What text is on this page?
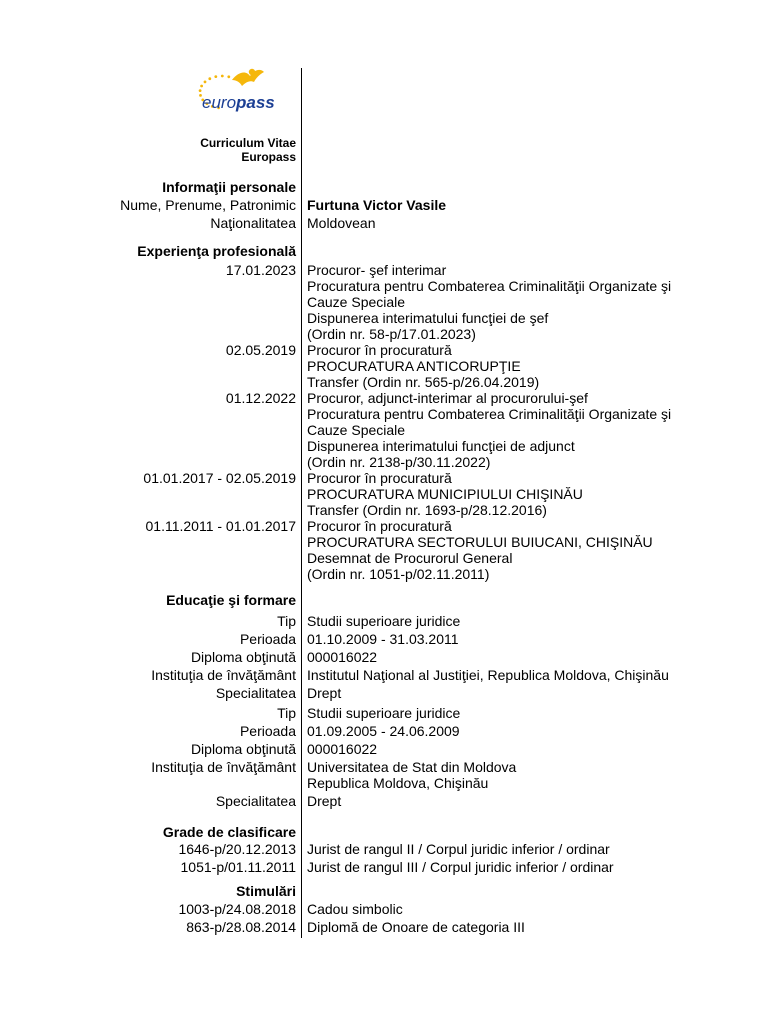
euro pass
Curriculum Vitae
Europass
Informaţii personale
Nume, Prenume, Patronimic Furtuna Victor Vasile
Naţionalitatea Moldovean
Experienţa profesională
17.01.2023 Procuror- şef interimar
Procuratura pentru Combaterea Criminalităţii Organizate şi
Cauze Speciale
Dispunerea interimatului funcţiei de şef
(Ordin nr. 58-p/17.01.2023)
02.05.2019 Procuror în procuratură
PROCURATURA ANTICORUPŢIE
Transfer (Ordin nr. 565-p/26.04.2019)
01.12.2022 Procuror, adjunct-interimar al procurorului-şef
Procuratura pentru Combaterea Criminalităţii Organizate şi
Cauze Speciale
Dispunerea interimatului funcţiei de adjunct
(Ordin nr. 2138-p/30.11.2022)
01.01.2017 - 02.05.2019 Procuror în procuratură
PROCURATURA MUNICIPIULUI CHIŞINĂU
Transfer (Ordin nr. 1693-p/28.12.2016)
01.11.2011 - 01.01.2017 Procuror în procuratură
PROCURATURA SECTORULUI BUIUCANI, CHIŞINĂU
Desemnat de Procurorul General
(Ordin nr. 1051-p/02.11.2011)
Educaţie şi formare
Tip Studii superioare juridice
Perioada 01.10.2009 - 31.03.2011
Diploma obţinută 000016022
Instituţia de învăţământ Institutul Naţional al Justiţiei, Republica Moldova, Chişinău
Specialitatea Drept
Tip Studii superioare juridice
Perioada 01.09.2005 - 24.06.2009
Diploma obţinută 000016022
Instituţia de învăţământ Universitatea de Stat din Moldova
Republica Moldova, Chişinău
Specialitatea Drept
Grade de clasificare
1646-p/20.12.2013 Jurist de rangul II / Corpul juridic inferior / ordinar
1051-p/01.11.2011 Jurist de rangul III / Corpul juridic inferior / ordinar
Stimulări
1003-p/24.08.2018 Cadou simbolic
863-p/28.08.2014 Diplomă de Onoare de categoria III
